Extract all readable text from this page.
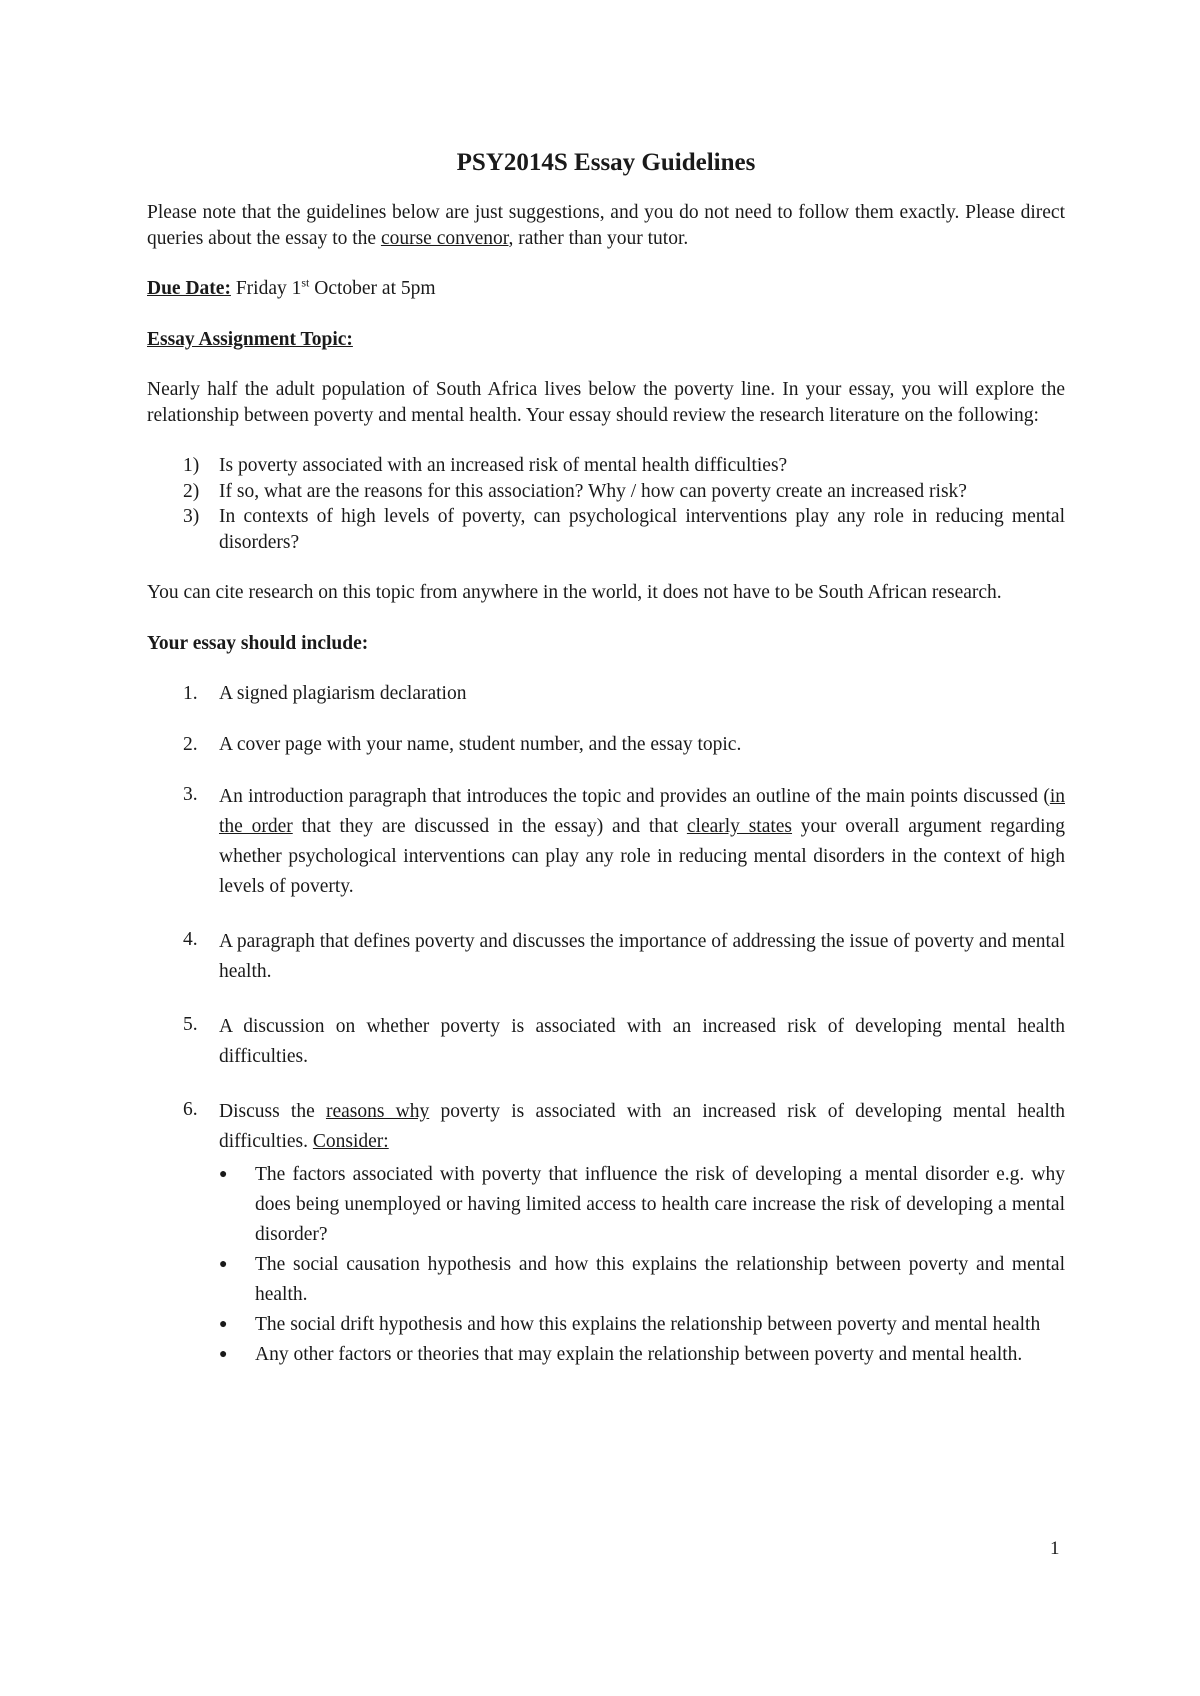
PSY2014S Essay Guidelines

Please note that the guidelines below are just suggestions, and you do not need to follow them exactly. Please direct queries about the essay to the course convenor, rather than your tutor.

Due Date: Friday 1st October at 5pm

Essay Assignment Topic:

Nearly half the adult population of South Africa lives below the poverty line. In your essay, you will explore the relationship between poverty and mental health. Your essay should review the research literature on the following:

1)	Is poverty associated with an increased risk of mental health difficulties?
2)	If so, what are the reasons for this association? Why / how can poverty create an increased risk?
3)	In contexts of high levels of poverty, can psychological interventions play any role in reducing mental disorders?

You can cite research on this topic from anywhere in the world, it does not have to be South African research.

Your essay should include:

1.	A signed plagiarism declaration
2.	A cover page with your name, student number, and the essay topic.
3.	An introduction paragraph that introduces the topic and provides an outline of the main points discussed (in the order that they are discussed in the essay) and that clearly states your overall argument regarding whether psychological interventions can play any role in reducing mental disorders in the context of high levels of poverty.
4.	A paragraph that defines poverty and discusses the importance of addressing the issue of poverty and mental health.
5.	A discussion on whether poverty is associated with an increased risk of developing mental health difficulties.
6.	Discuss the reasons why poverty is associated with an increased risk of developing mental health difficulties. Consider:
●	The factors associated with poverty that influence the risk of developing a mental disorder e.g. why does being unemployed or having limited access to health care increase the risk of developing a mental disorder?
●	The social causation hypothesis and how this explains the relationship between poverty and mental health.
●	The social drift hypothesis and how this explains the relationship between poverty and mental health
●	Any other factors or theories that may explain the relationship between poverty and mental health.
1
